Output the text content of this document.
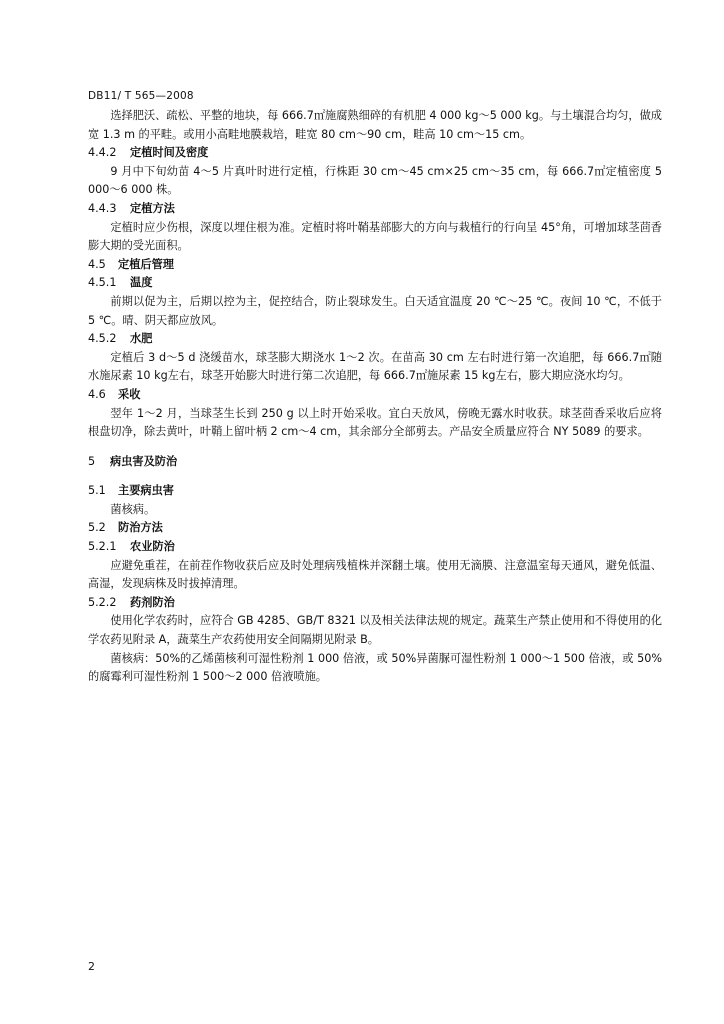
DB11/ T 565—2008

选择肥沃、疏松、平整的地块，每 666.7㎡施腐熟细碎的有机肥 4 000 kg～5 000 kg。与土壤混合均匀，做成宽 1.3 m 的平畦。或用小高畦地膜栽培，畦宽 80 cm～90 cm，畦高 10 cm～15 cm。

4.4.2 定植时间及密度

9 月中下旬幼苗 4～5 片真叶时进行定植，行株距 30 cm～45 cm×25 cm～35 cm，每 666.7㎡定植密度 5 000～6 000 株。

4.4.3 定植方法

定植时应少伤根，深度以埋住根为准。定植时将叶鞘基部膨大的方向与栽植行的行向呈 45°角，可增加球茎茴香膨大期的受光面积。

4.5 定植后管理
4.5.1 温度

前期以促为主，后期以控为主，促控结合，防止裂球发生。白天适宜温度 20 ℃～25 ℃。夜间 10 ℃，不低于 5 ℃。晴、阴天都应放风。

4.5.2 水肥

定植后 3 d～5 d 浇缓苗水，球茎膨大期浇水 1～2 次。在苗高 30 cm 左右时进行第一次追肥，每 666.7㎡随水施尿素 10 kg左右，球茎开始膨大时进行第二次追肥，每 666.7㎡施尿素 15 kg左右，膨大期应浇水均匀。

4.6 采收

翌年 1～2 月，当球茎生长到 250 g 以上时开始采收。宜白天放风，傍晚无露水时收获。球茎茴香采收后应将根盘切净，除去黄叶，叶鞘上留叶柄 2 cm～4 cm，其余部分全部剪去。产品安全质量应符合 NY 5089 的要求。

5 病虫害及防治
5.1 主要病虫害

菌核病。

5.2 防治方法
5.2.1 农业防治

应避免重茬，在前茬作物收获后应及时处理病残植株并深翻土壤。使用无滴膜、注意温室每天通风，避免低温、高湿，发现病株及时拔掉清理。

5.2.2 药剂防治

使用化学农药时，应符合 GB 4285、GB/T 8321 以及相关法律法规的规定。蔬菜生产禁止使用和不得使用的化学农药见附录 A，蔬菜生产农药使用安全间隔期见附录 B。

菌核病：50%的乙烯菌核利可湿性粉剂 1 000 倍液，或 50%异菌脲可湿性粉剂 1 000～1 500 倍液，或 50%的腐霉利可湿性粉剂 1 500～2 000 倍液喷施。

2
